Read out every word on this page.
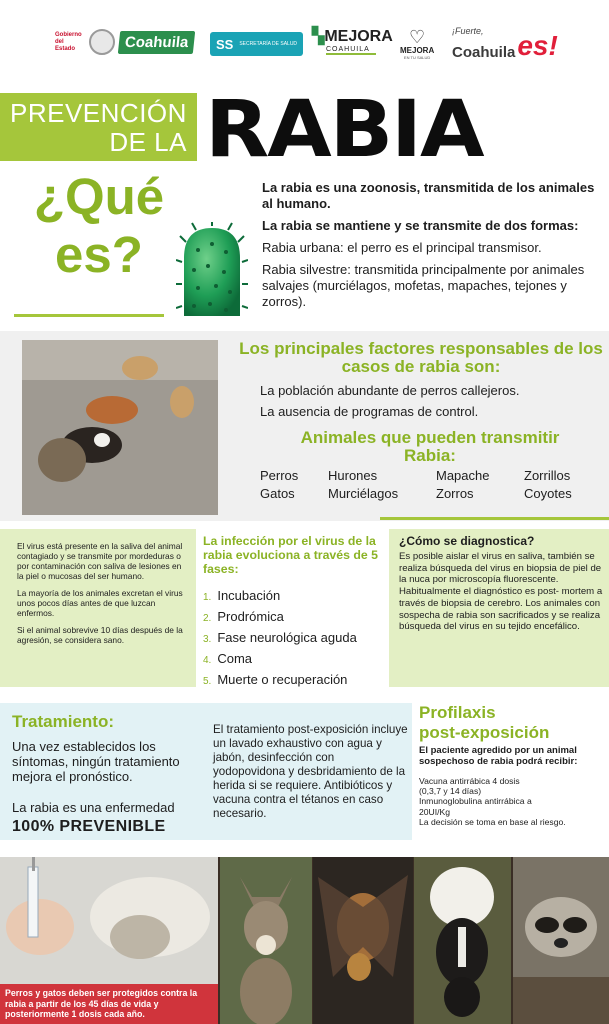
Gobierno del Estado	Coahuila	SS SECRETARÍA DE SALUD ▚MEJORA
COAHUILA
♡
MEJORA
EN TU SALUD
¡Fuerte,
Coahuila es!
PREVENCIÓN
DE LA RABIA
¿Qué
es?

La rabia es una zoonosis, transmitida de los animales al humano.

La rabia se mantiene y se transmite de dos formas:

Rabia urbana: el perro es el principal transmisor.

Rabia silvestre: transmitida principalmente por animales salvajes (murciélagos, mofetas, mapaches, tejones y zorros).

Los principales factores responsables de los casos de rabia son:
La población abundante de perros callejeros.
La ausencia de programas de control.
Animales que pueden transmitir Rabia:
Perros	Hurones	Mapache	Zorrillos
Gatos	Murciélagos	Zorros	Coyotes

El virus está presente en la saliva del animal contagiado y se transmite por mordeduras o por contaminación con saliva de lesiones en la piel o mucosas del ser humano.

La mayoría de los animales excretan el virus unos pocos días antes de que luzcan enfermos.

Si el animal sobrevive 10 días después de la agresión, se considera sano.

La infección por el virus de la rabia evoluciona a través de 5 fases:
1. Incubación
2. Prodrómica
3. Fase neurológica aguda
4. Coma
5. Muerte o recuperación
¿Cómo se diagnostica?

Es posible aislar el virus en saliva, también se realiza búsqueda del virus en biopsia de piel de la nuca por microscopía fluorescente. Habitualmente el diagnóstico es post- mortem a través de biopsia de cerebro. Los animales con sospecha de rabia son sacrificados y se realiza búsqueda del virus en su tejido encefálico.

Tratamiento:
Una vez establecidos los síntomas, ningún tratamiento mejora el pronóstico.
La rabia es una enfermedad
100% PREVENIBLE
El tratamiento post-exposición incluye un lavado exhaustivo con agua y jabón, desinfección con yodopovidona y desbridamiento de la herida si se requiere. Antibióticos y vacuna contra el tétanos en caso necesario.
Profilaxis
post-exposición
El paciente agredido por un animal sospechoso de rabia podrá recibir:
Vacuna antirrábica 4 dosis
(0,3,7 y 14 días)
Inmunoglobulina antirrábica a
20UI/Kg
La decisión se toma en base al riesgo.
Perros y gatos deben ser protegidos contra la rabia a partir de los 45 días de vida y posteriormente 1 dosis cada año.
